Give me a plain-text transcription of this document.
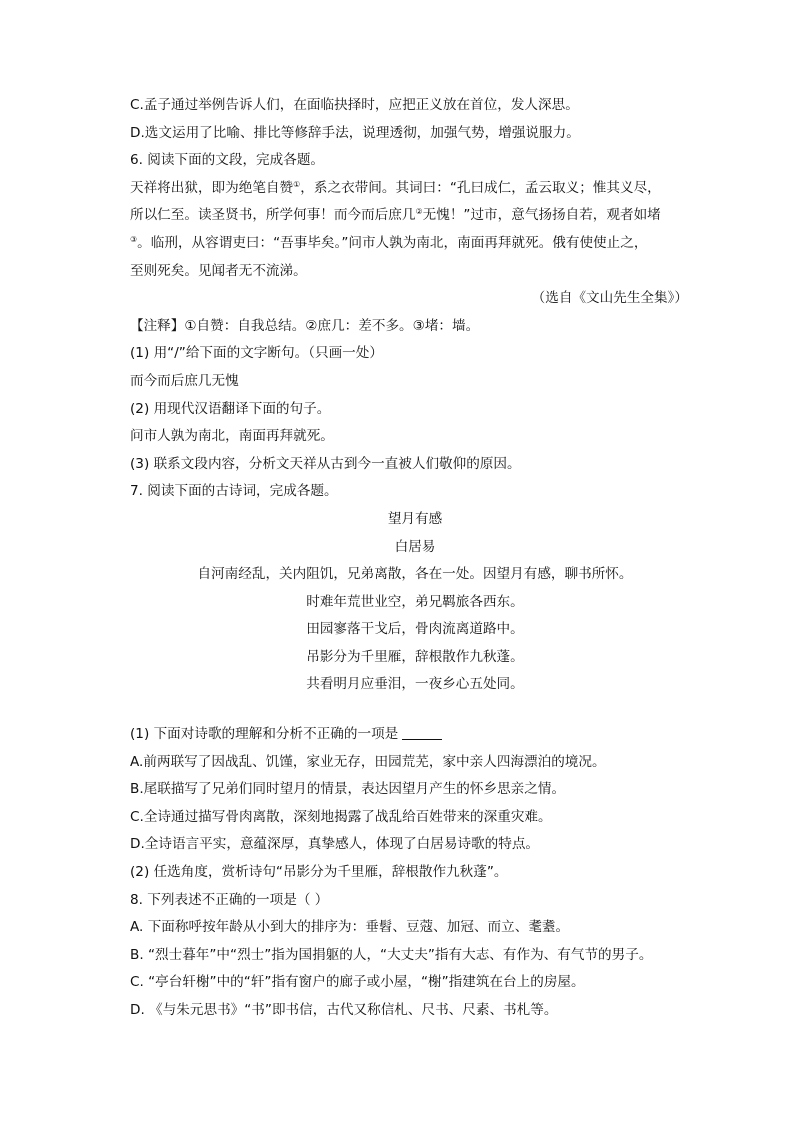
C.孟子通过举例告诉人们，在面临抉择时，应把正义放在首位，发人深思。
D.选文运用了比喻、排比等修辞手法，说理透彻，加强气势，增强说服力。
6. 阅读下面的文段，完成各题。
天祥将出狱，即为绝笔自赞①，系之衣带间。其词曰：“孔曰成仁，孟云取义；惟其义尽，
所以仁至。读圣贤书，所学何事！而今而后庶几②无愧！”过市，意气扬扬自若，观者如堵
③。临刑，从容谓吏曰：“吾事毕矣。”问市人孰为南北，南面再拜就死。俄有使使止之，
至则死矣。见闻者无不流涕。
（选自《文山先生全集》）
【注释】①自赞：自我总结。②庶几：差不多。③堵：墙。
(1) 用“/”给下面的文字断句。（只画一处）
而今而后庶几无愧
(2) 用现代汉语翻译下面的句子。
问市人孰为南北，南面再拜就死。
(3) 联系文段内容，分析文天祥从古到今一直被人们敬仰的原因。
7. 阅读下面的古诗词，完成各题。
望月有感
白居易
自河南经乱，关内阻饥，兄弟离散，各在一处。因望月有感，聊书所怀。
时难年荒世业空，弟兄羁旅各西东。
田园寥落干戈后，骨肉流离道路中。
吊影分为千里雁，辞根散作九秋蓬。
共看明月应垂泪，一夜乡心五处同。
(1) 下面对诗歌的理解和分析不正确的一项是
A.前两联写了因战乱、饥馑，家业无存，田园荒芜，家中亲人四海漂泊的境况。
B.尾联描写了兄弟们同时望月的情景，表达因望月产生的怀乡思亲之情。
C.全诗通过描写骨肉离散，深刻地揭露了战乱给百姓带来的深重灾难。
D.全诗语言平实，意蕴深厚，真挚感人，体现了白居易诗歌的特点。
(2) 任选角度，赏析诗句“吊影分为千里雁，辞根散作九秋蓬”。
8. 下列表述不正确的一项是（ ）
A. 下面称呼按年龄从小到大的排序为：垂髫、豆蔻、加冠、而立、耄耋。
B. “烈士暮年”中“烈士”指为国捐躯的人，“大丈夫”指有大志、有作为、有气节的男子。
C. “亭台轩榭”中的“轩”指有窗户的廊子或小屋，“榭”指建筑在台上的房屋。
D. 《与朱元思书》“书”即书信，古代又称信札、尺书、尺素、书札等。
